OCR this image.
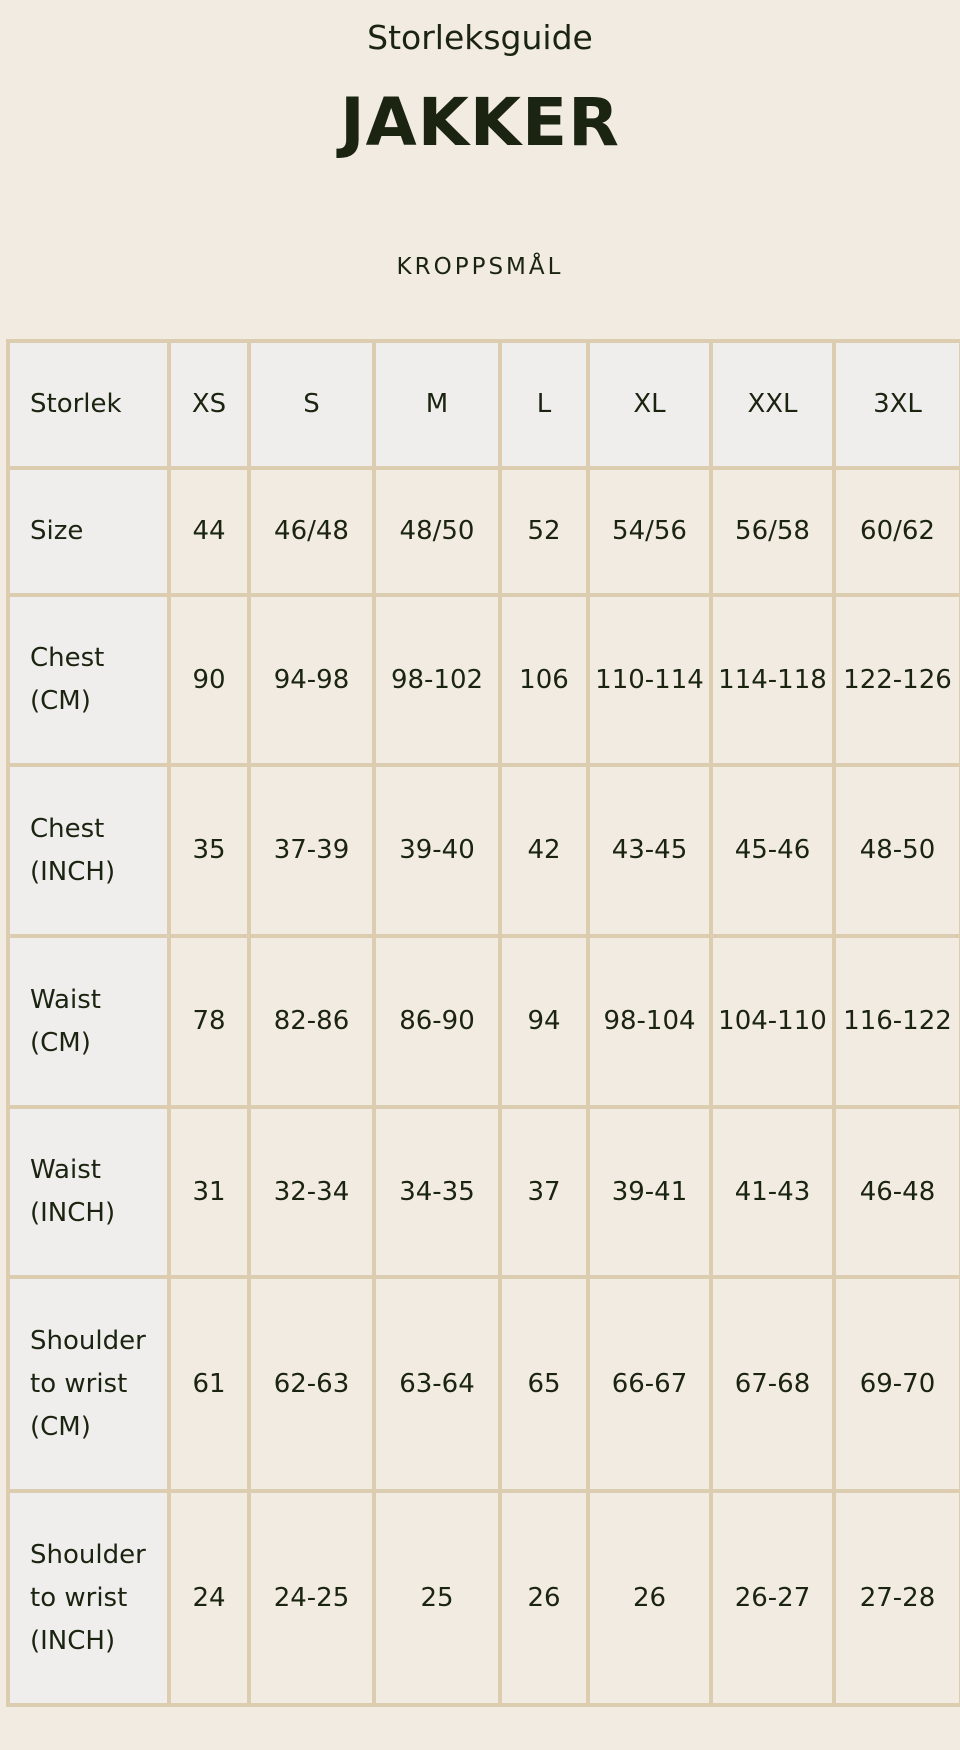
Storleksguide
JAKKER
KROPPSMÅL
Storlek	XS	S	M	L	XL	XXL	3XL
Size	44	46/48	48/50	52	54/56	56/58	60/62
Chest (CM)	90	94-98	98-102	106	110-114	114-118	122-126
Chest (INCH)	35	37-39	39-40	42	43-45	45-46	48-50
Waist (CM)	78	82-86	86-90	94	98-104	104-110	116-122
Waist (INCH)	31	32-34	34-35	37	39-41	41-43	46-48
Shoulder to wrist (CM)	61	62-63	63-64	65	66-67	67-68	69-70
Shoulder to wrist (INCH)	24	24-25	25	26	26	26-27	27-28
